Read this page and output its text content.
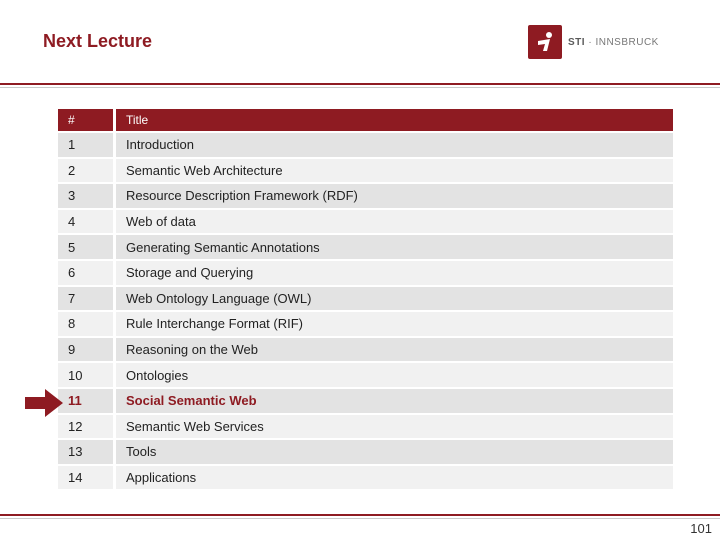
Next Lecture	STI · INNSBRUCK
#	Title
1	Introduction
2	Semantic Web Architecture
3	Resource Description Framework (RDF)
4	Web of data
5	Generating Semantic Annotations
6	Storage and Querying
7	Web Ontology Language (OWL)
8	Rule Interchange Format (RIF)
9	Reasoning on the Web
10	Ontologies
11	Social Semantic Web
12	Semantic Web Services
13	Tools
14	Applications
101
